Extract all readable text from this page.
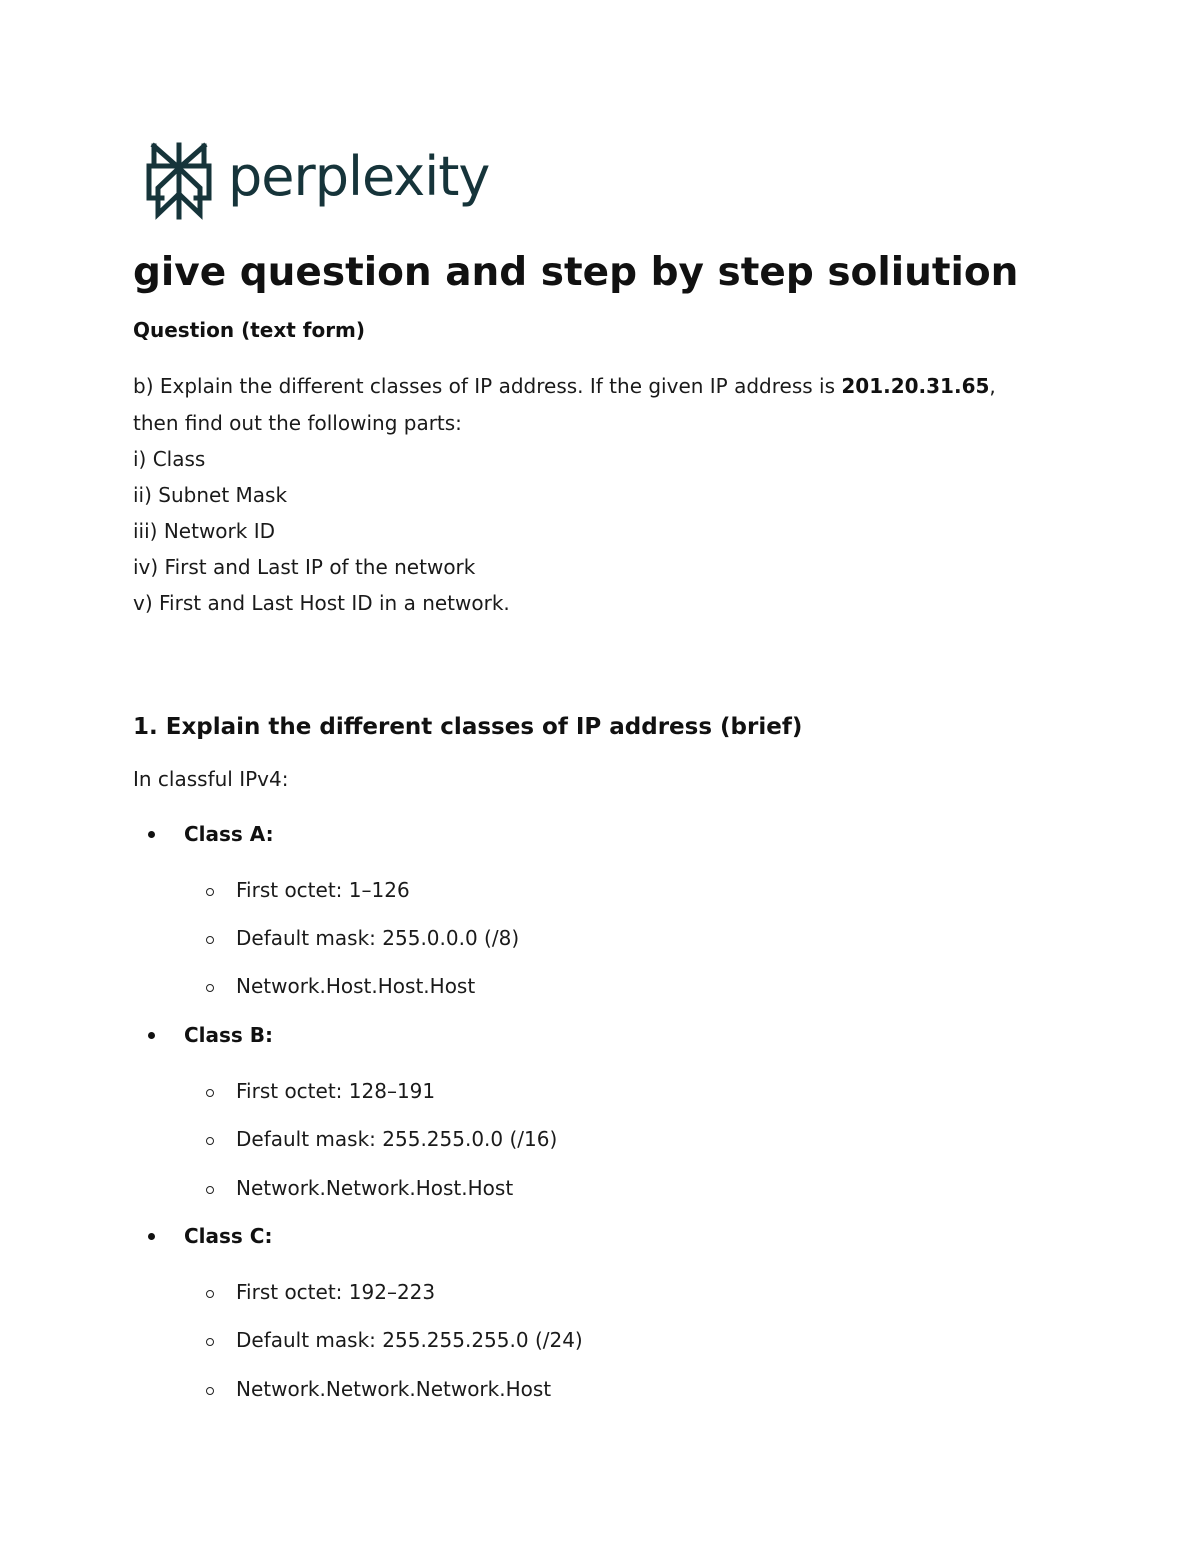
perplexity
give question and step by step soliution
Question (text form)
b) Explain the different classes of IP address. If the given IP address is 201.20.31.65,
then find out the following parts:
i) Class
ii) Subnet Mask
iii) Network ID
iv) First and Last IP of the network
v) First and Last Host ID in a network.
1. Explain the different classes of IP address (brief)
In classful IPv4:
Class A:
First octet: 1–126
Default mask: 255.0.0.0 (/8)
Network.Host.Host.Host
Class B:
First octet: 128–191
Default mask: 255.255.0.0 (/16)
Network.Network.Host.Host
Class C:
First octet: 192–223
Default mask: 255.255.255.0 (/24)
Network.Network.Network.Host
